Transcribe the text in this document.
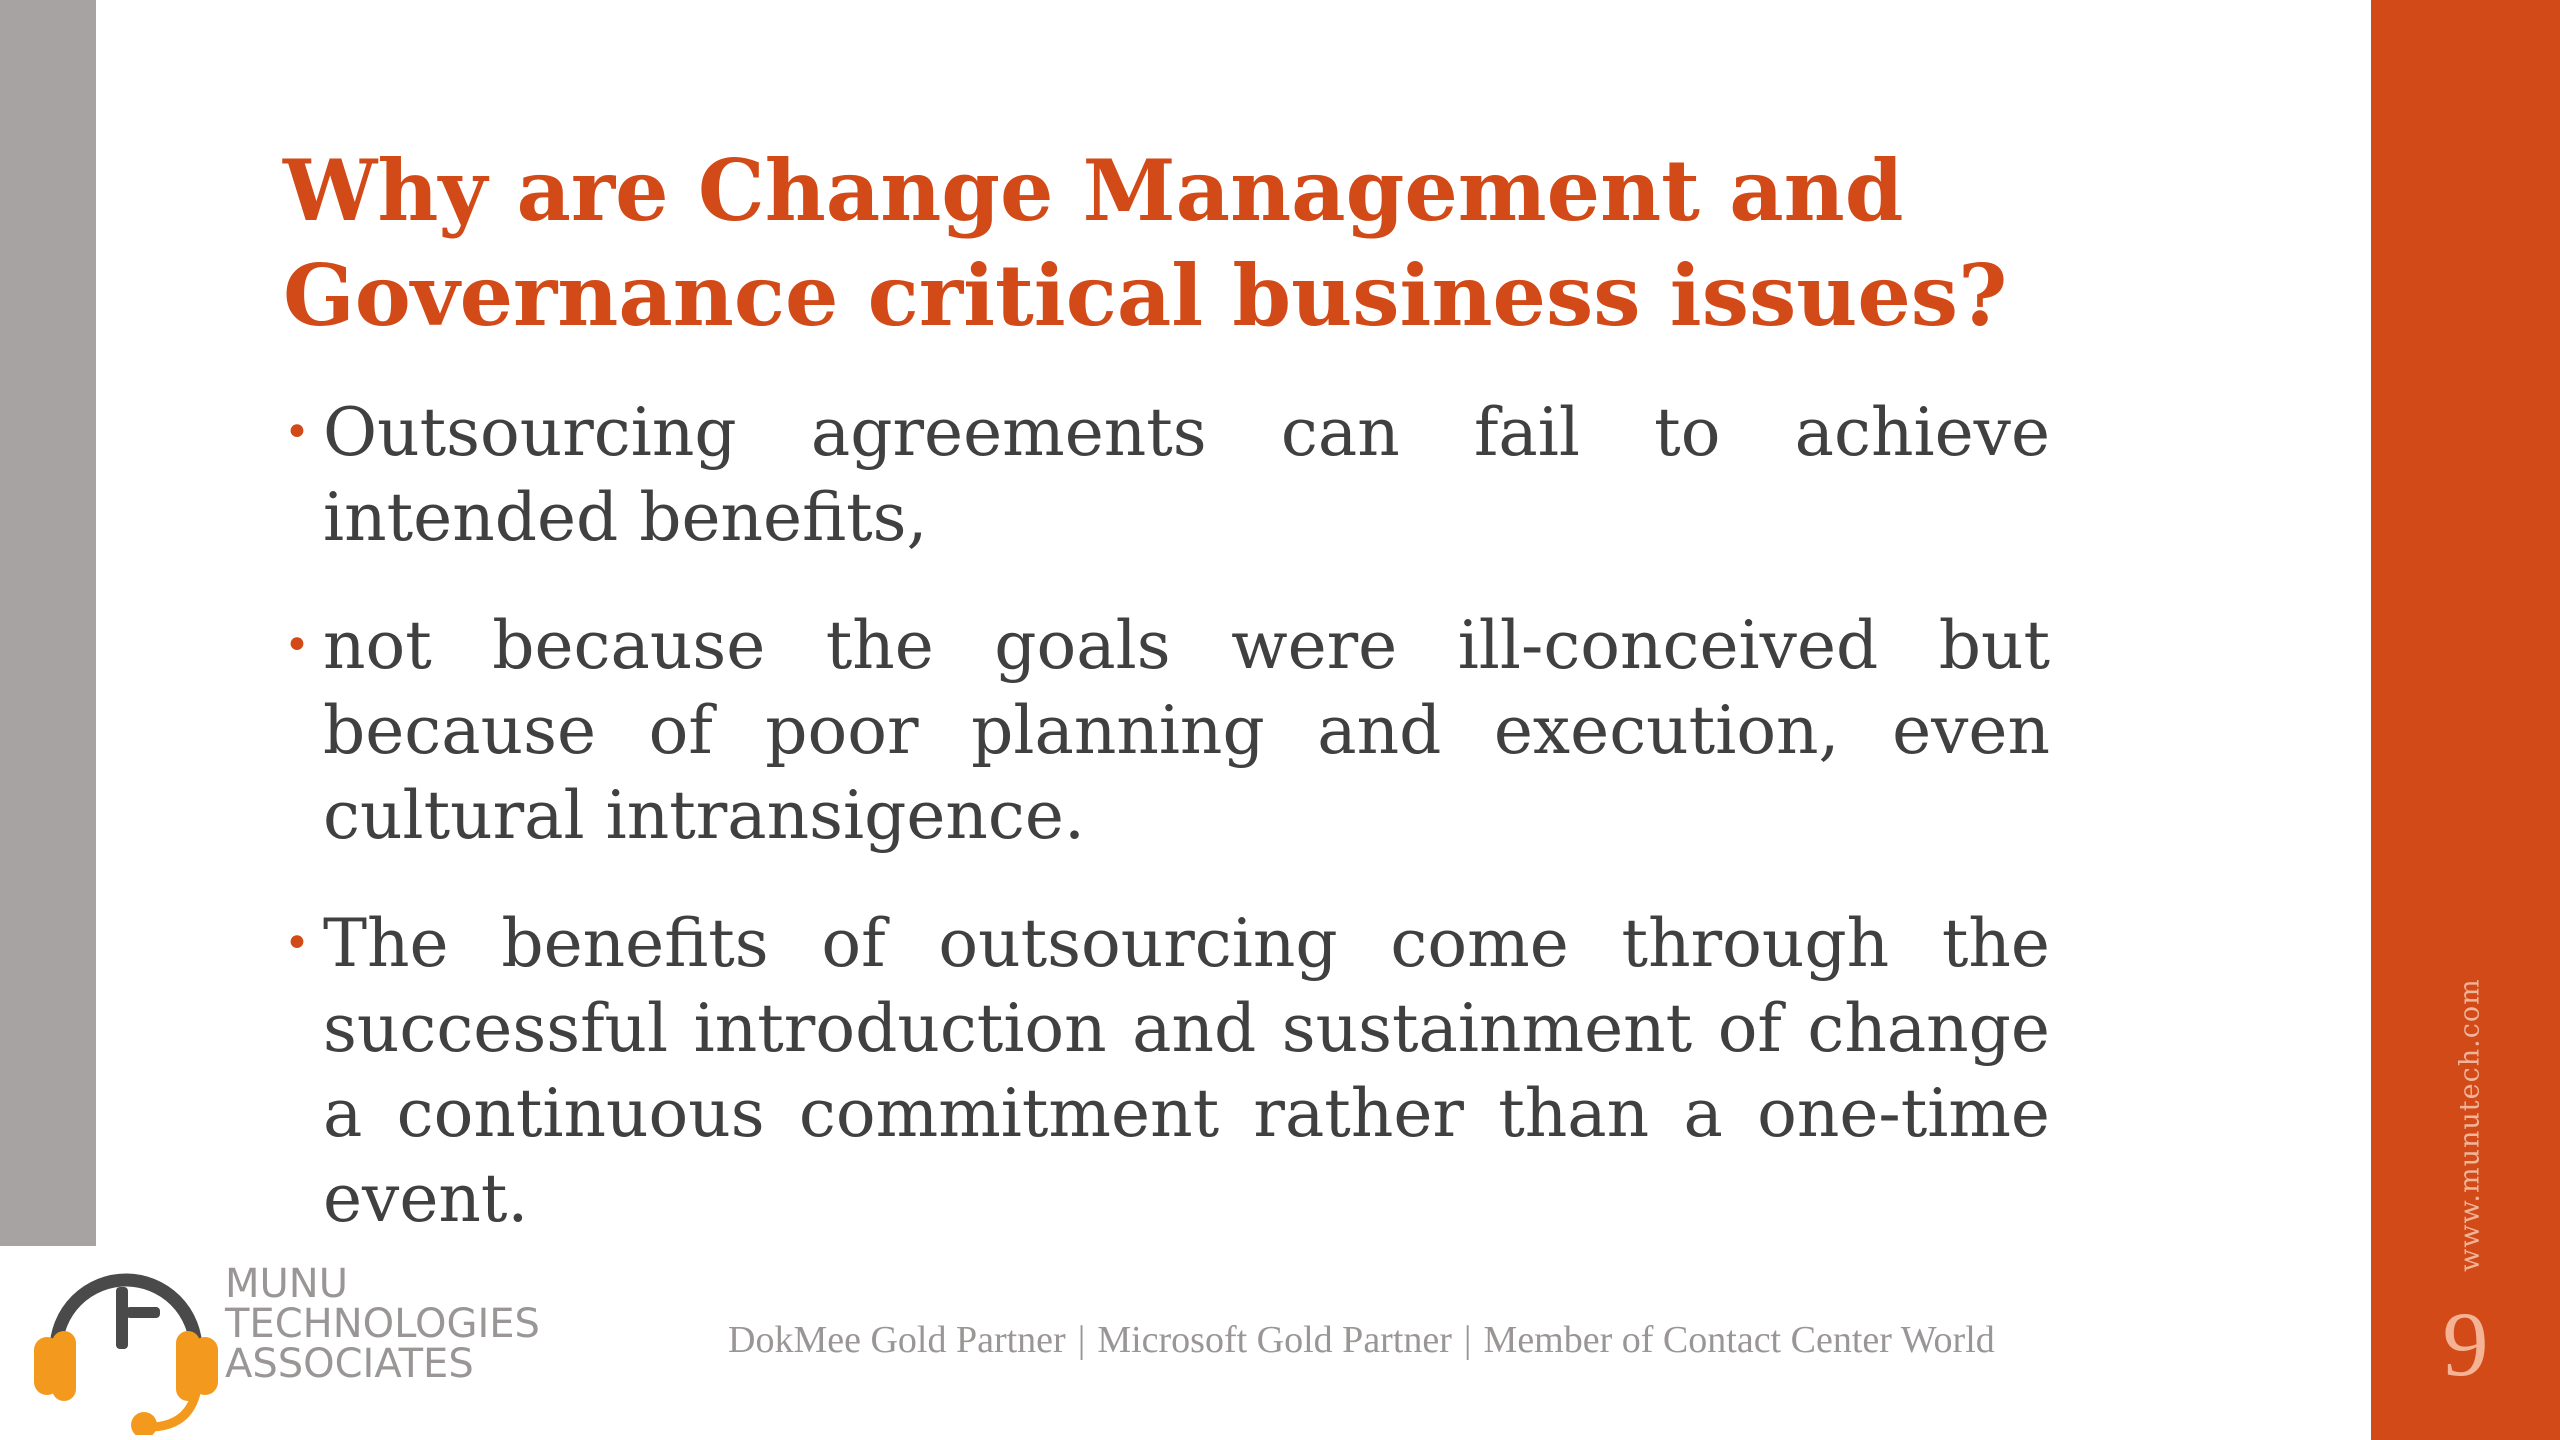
www.munutech.com
9
Why are Change Management and
Governance critical business issues?
• Outsourcing agreements can fail to achieve intended benefits,
• not because the goals were ill-conceived but because of poor planning and execution, even cultural intransigence.
• The benefits of outsourcing come through the successful introduction and sustainment of change a continuous commitment rather than a one-time event.
MUNU
TECHNOLOGIES
ASSOCIATES
DokMee Gold Partner | Microsoft Gold Partner | Member of Contact Center World
